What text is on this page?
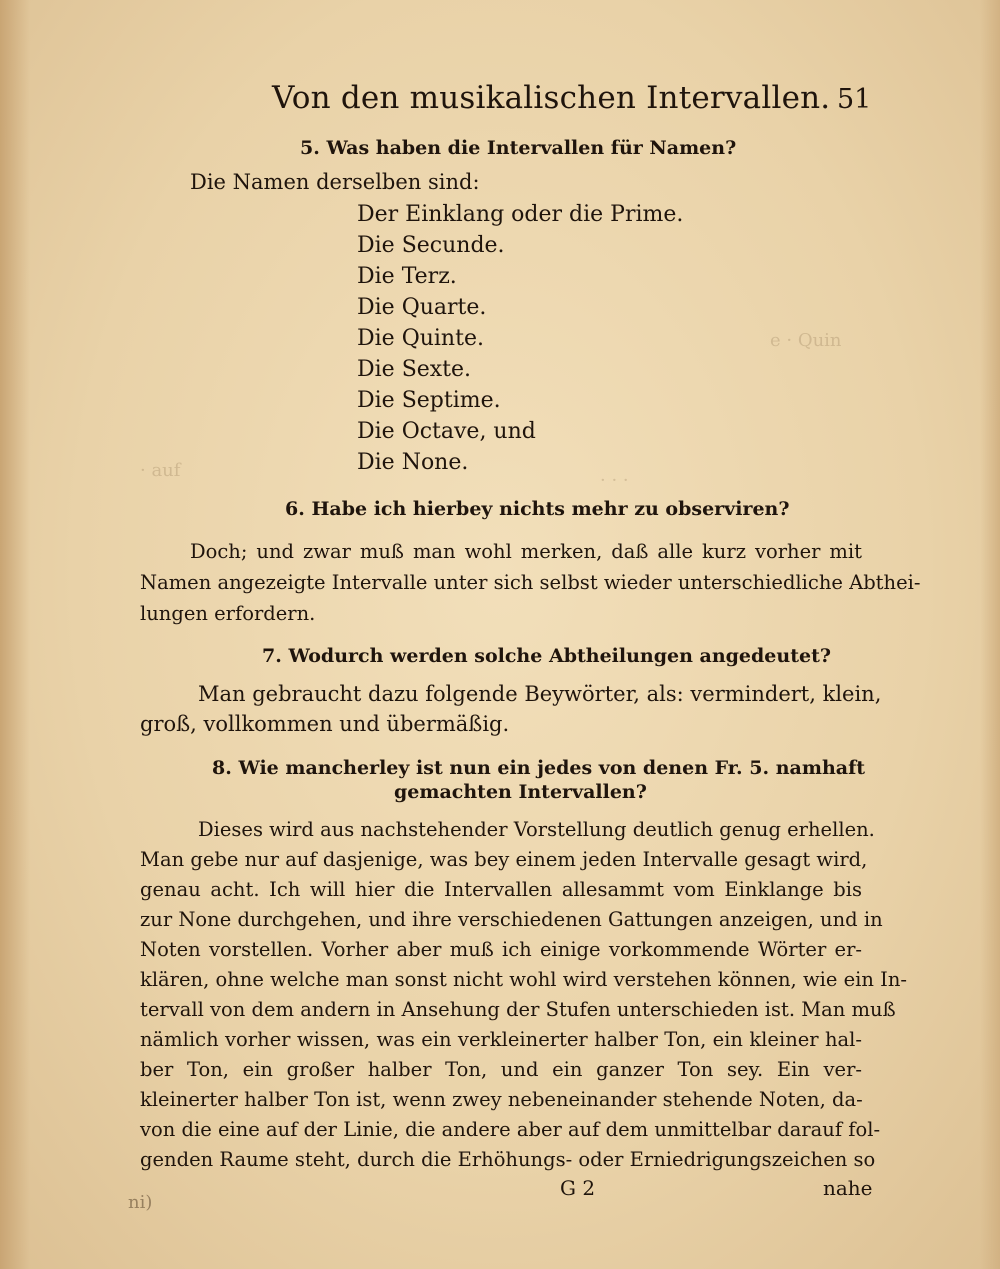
e · Quin
· auf	· · ·
Von den musikalischen Intervallen. 51
5. Was haben die Intervallen für Namen?
Die Namen derselben sind:
Der Einklang oder die Prime.
Die Secunde.
Die Terz.
Die Quarte.
Die Quinte.
Die Sexte.
Die Septime.
Die Octave, und
Die None.
6. Habe ich hierbey nichts mehr zu observiren?
Doch; und zwar muß man wohl merken, daß alle kurz vorher mit
Namen angezeigte Intervalle unter sich selbst wieder unterschiedliche Abthei-
lungen erfordern.
7. Wodurch werden solche Abtheilungen angedeutet?
Man gebraucht dazu folgende Beywörter, als: vermindert, klein,
groß, vollkommen und übermäßig.
8. Wie mancherley ist nun ein jedes von denen Fr. 5. namhaft
gemachten Intervallen?
Dieses wird aus nachstehender Vorstellung deutlich genug erhellen.
Man gebe nur auf dasjenige, was bey einem jeden Intervalle gesagt wird,
genau acht. Ich will hier die Intervallen allesammt vom Einklange bis
zur None durchgehen, und ihre verschiedenen Gattungen anzeigen, und in
Noten vorstellen. Vorher aber muß ich einige vorkommende Wörter er-
klären, ohne welche man sonst nicht wohl wird verstehen können, wie ein In-
tervall von dem andern in Ansehung der Stufen unterschieden ist. Man muß
nämlich vorher wissen, was ein verkleinerter halber Ton, ein kleiner hal-
ber Ton, ein großer halber Ton, und ein ganzer Ton sey. Ein ver-
kleinerter halber Ton ist, wenn zwey nebeneinander stehende Noten, da-
von die eine auf der Linie, die andere aber auf dem unmittelbar darauf fol-
genden Raume steht, durch die Erhöhungs- oder Erniedrigungszeichen so
G 2	nahe
ni)
